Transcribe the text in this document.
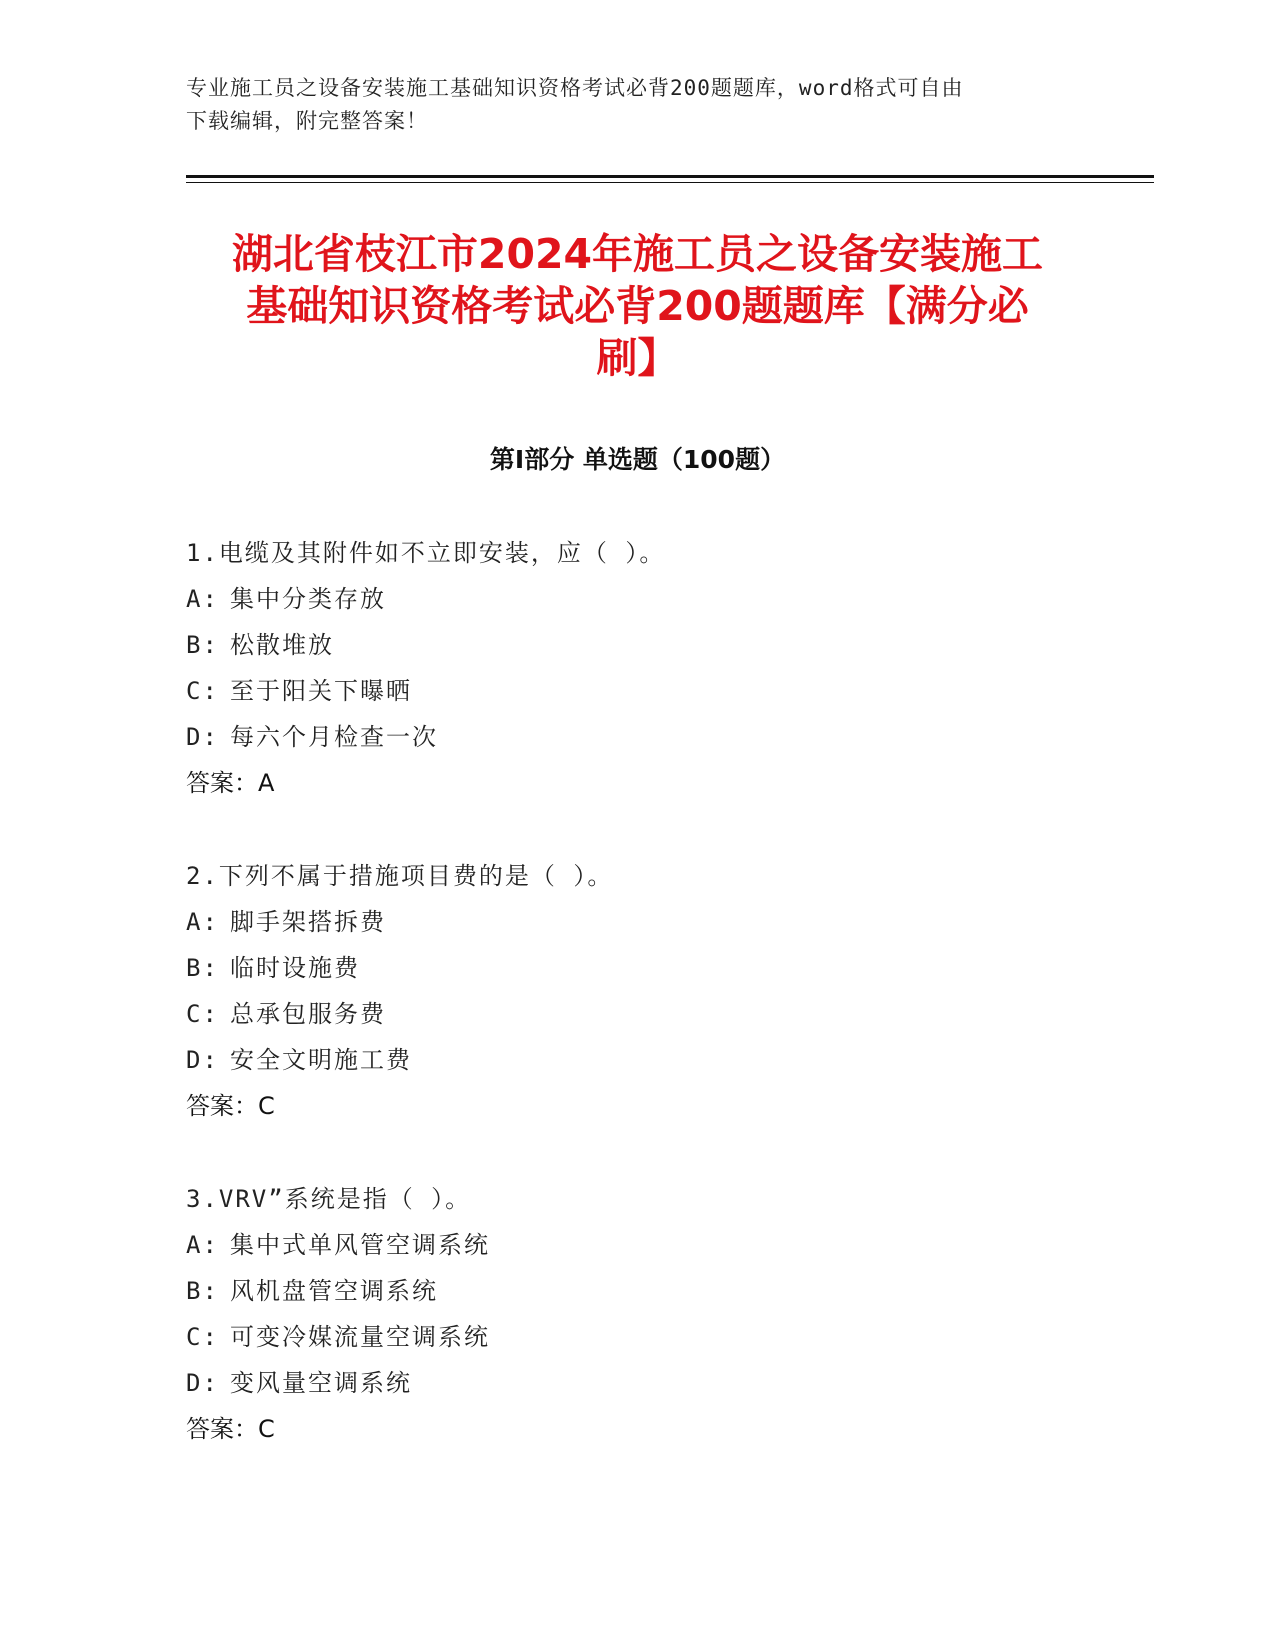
专业施工员之设备安装施工基础知识资格考试必背200题题库，word格式可自由
下载编辑，附完整答案！
湖北省枝江市2024年施工员之设备安装施工
基础知识资格考试必背200题题库【满分必
刷】
第Ⅰ部分 单选题（100题）
1.电缆及其附件如不立即安装，应（ ）。
A: 集中分类存放
B: 松散堆放
C: 至于阳关下曝晒
D: 每六个月检查一次
答案：A
2.下列不属于措施项目费的是（ ）。
A: 脚手架搭拆费
B: 临时设施费
C: 总承包服务费
D: 安全文明施工费
答案：C
3.VRV”系统是指（ ）。
A: 集中式单风管空调系统
B: 风机盘管空调系统
C: 可变冷媒流量空调系统
D: 变风量空调系统
答案：C
